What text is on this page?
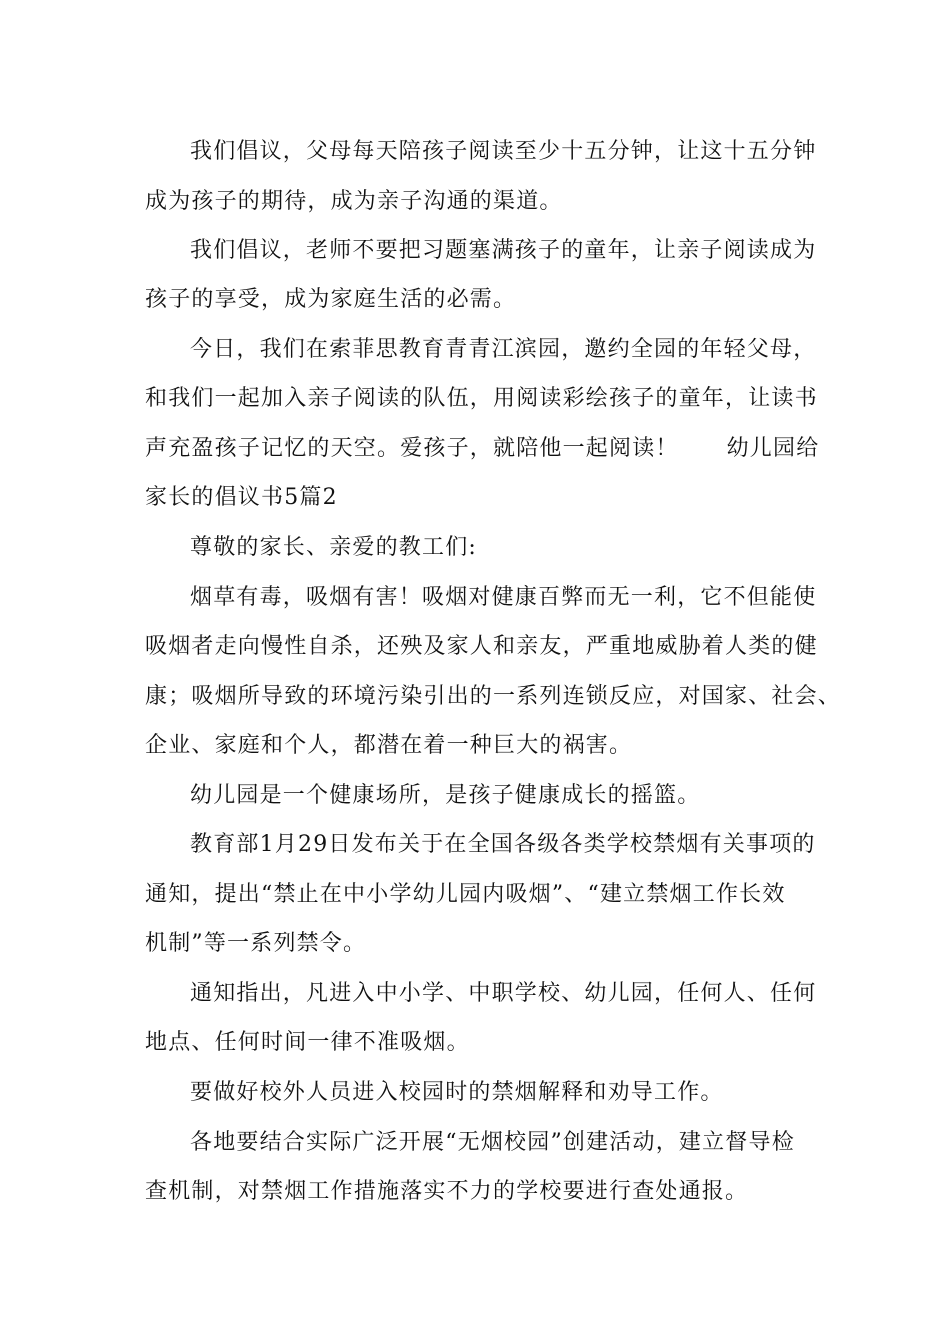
我们倡议，父母每天陪孩子阅读至少十五分钟，让这十五分钟
成为孩子的期待，成为亲子沟通的渠道。
我们倡议，老师不要把习题塞满孩子的童年，让亲子阅读成为
孩子的享受，成为家庭生活的必需。
今日，我们在索菲思教育青青江滨园，邀约全园的年轻父母，
和我们一起加入亲子阅读的队伍，用阅读彩绘孩子的童年，让读书
声充盈孩子记忆的天空。爱孩子，就陪他一起阅读！ 幼儿园给
家长的倡议书5篇2
尊敬的家长、亲爱的教工们:
烟草有毒，吸烟有害！吸烟对健康百弊而无一利，它不但能使
吸烟者走向慢性自杀，还殃及家人和亲友，严重地威胁着人类的健
康；吸烟所导致的环境污染引出的一系列连锁反应，对国家、社会、
企业、家庭和个人，都潜在着一种巨大的祸害。
幼儿园是一个健康场所，是孩子健康成长的摇篮。
教育部1月29日发布关于在全国各级各类学校禁烟有关事项的
通知，提出“禁止在中小学幼儿园内吸烟”、“建立禁烟工作长效
机制”等一系列禁令。
通知指出，凡进入中小学、中职学校、幼儿园，任何人、任何
地点、任何时间一律不准吸烟。
要做好校外人员进入校园时的禁烟解释和劝导工作。
各地要结合实际广泛开展“无烟校园”创建活动，建立督导检
查机制，对禁烟工作措施落实不力的学校要进行查处通报。
